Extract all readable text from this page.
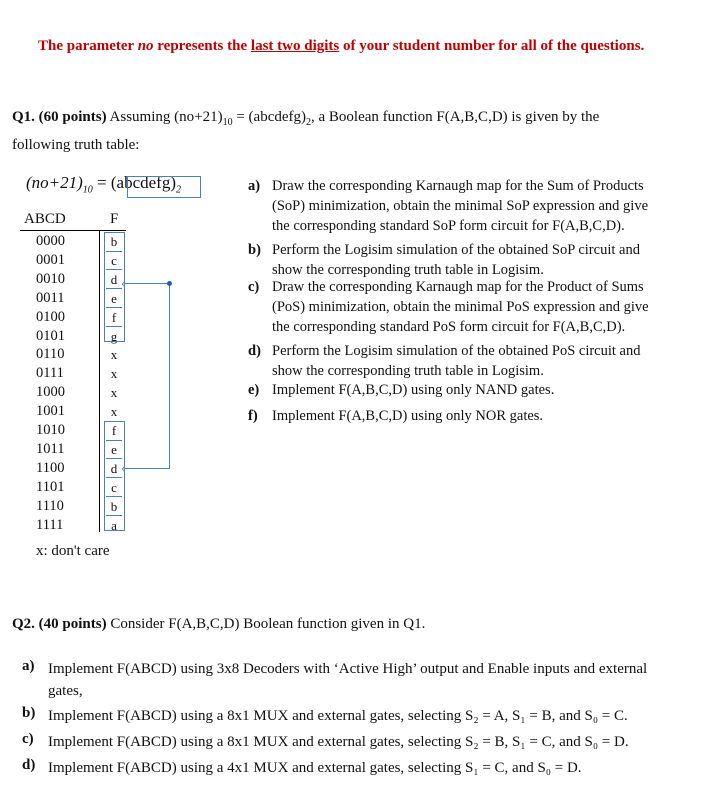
The parameter no represents the last two digits of your student number for all of the questions.
Q1. (60 points) Assuming $(no+21)_{10}$ = $(abcdefg)_2$, a Boolean function F(A,B,C,D) is given by the
following truth table:
$(no+21)_{10}$ = $(abcdefg)_2$
ABCD	F
0000	b
0001	c
0010	d
0011	e
0100	f
0101	g
0110	x
0111	x
1000	x
1001	x
1010	f
1011	e
1100	d
1101	c
1110	b
1111	a
‹
‹
x: don't care
a) Draw the corresponding Karnaugh map for the Sum of Products
(SoP) minimization, obtain the minimal SoP expression and give
the corresponding standard SoP form circuit for F(A,B,C,D).
b) Perform the Logisim simulation of the obtained SoP circuit and
show the corresponding truth table in Logisim.
c) Draw the corresponding Karnaugh map for the Product of Sums
(PoS) minimization, obtain the minimal PoS expression and give
the corresponding standard PoS form circuit for F(A,B,C,D).
d) Perform the Logisim simulation of the obtained PoS circuit and
show the corresponding truth table in Logisim.
e) Implement F(A,B,C,D) using only NAND gates.
f) Implement F(A,B,C,D) using only NOR gates.
Q2. (40 points) Consider F(A,B,C,D) Boolean function given in Q1.
a) Implement F(ABCD) using 3x8 Decoders with ‘Active High’ output and Enable inputs and external
gates,
b) Implement F(ABCD) using a 8x1 MUX and external gates, selecting S₂ = A, S₁ = B, and S₀ = C.
c) Implement F(ABCD) using a 8x1 MUX and external gates, selecting S₂ = B, S₁ = C, and S₀ = D.
d) Implement F(ABCD) using a 4x1 MUX and external gates, selecting S₁ = C, and S₀ = D.
